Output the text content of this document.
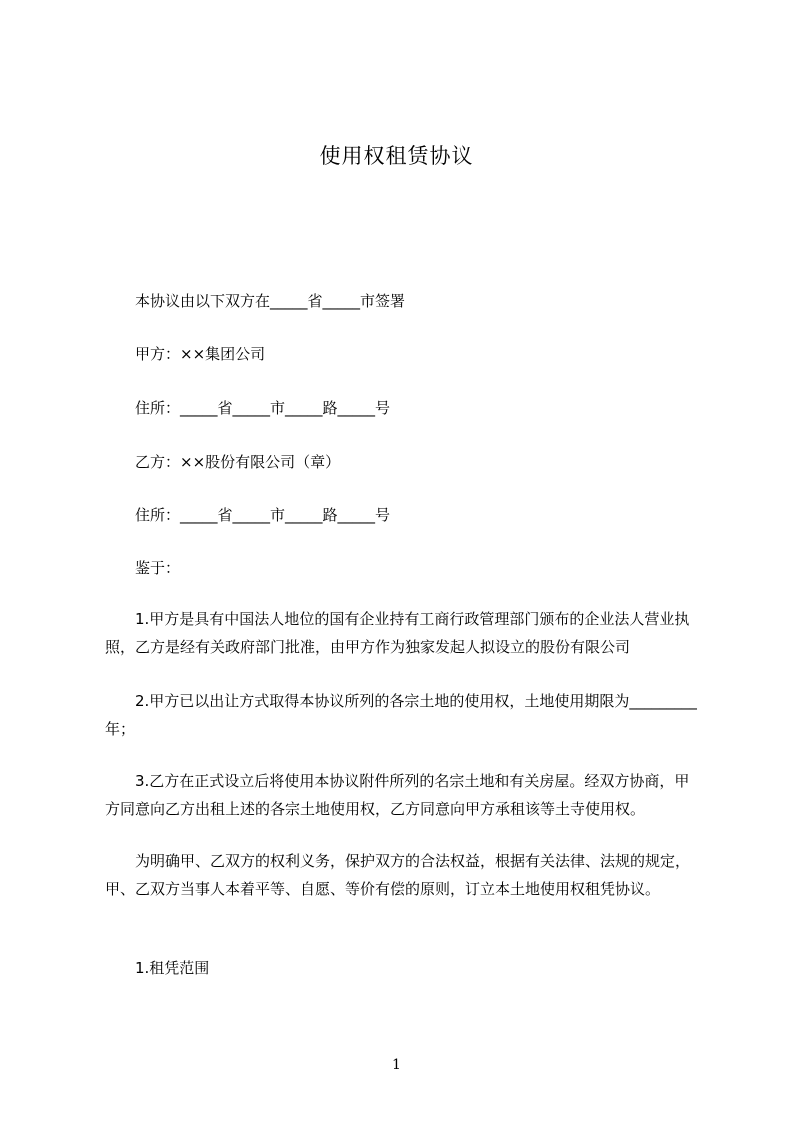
使用权租赁协议
本协议由以下双方在_____省_____市签署
甲方：××集团公司
住所：_____省_____市_____路_____号
乙方：××股份有限公司（章）
住所：_____省_____市_____路_____号
鉴于：
1.甲方是具有中国法人地位的国有企业持有工商行政管理部门颁布的企业法人营业执照，乙方是经有关政府部门批准，由甲方作为独家发起人拟设立的股份有限公司
2.甲方已以出让方式取得本协议所列的各宗土地的使用权，土地使用期限为_________年；
3.乙方在正式设立后将使用本协议附件所列的名宗土地和有关房屋。经双方协商，甲方同意向乙方出租上述的各宗土地使用权，乙方同意向甲方承租该等土寺使用权。
为明确甲、乙双方的权利义务，保护双方的合法权益，根据有关法律、法规的规定，甲、乙双方当事人本着平等、自愿、等价有偿的原则，订立本土地使用权租凭协议。
1.租凭范围
1
